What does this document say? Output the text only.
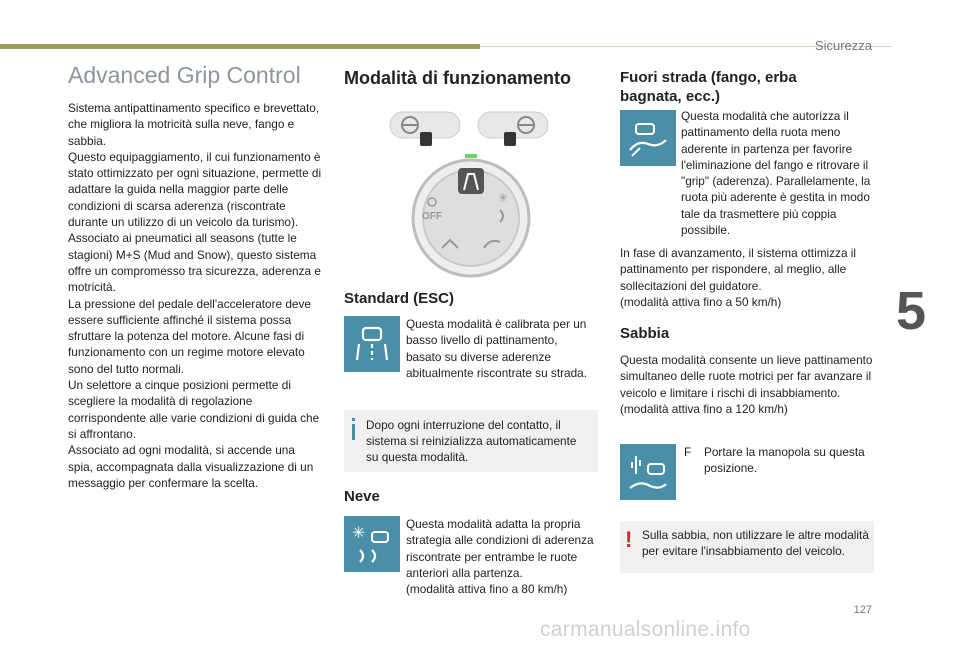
Sicurezza
5
127
carmanualsonline.info
Advanced Grip Control

Sistema antipattinamento specifico e brevettato, che migliora la motricità sulla neve, fango e sabbia.

Questo equipaggiamento, il cui funzionamento è stato ottimizzato per ogni situazione, permette di adattare la guida nella maggior parte delle condizioni di scarsa aderenza (riscontrate durante un utilizzo di un veicolo da turismo).

Associato ai pneumatici all seasons (tutte le stagioni) M+S (Mud and Snow), questo sistema offre un compromesso tra sicurezza, aderenza e motricità.

La pressione del pedale dell'acceleratore deve essere sufficiente affinché il sistema possa sfruttare la potenza del motore. Alcune fasi di funzionamento con un regime motore elevato sono del tutto normali.

Un selettore a cinque posizioni permette di scegliere la modalità di regolazione corrispondente alle varie condizioni di guida che si affrontano.

Associato ad ogni modalità, si accende una spia, accompagnata dalla visualizzazione di un messaggio per confermare la scelta.

Modalità di funzionamento
OFF
✳
Standard (ESC)

Questa modalità è calibrata per un basso livello di pattinamento, basato su diverse aderenze abitualmente riscontrate su strada.

Dopo ogni interruzione del contatto, il sistema si reinizializza automaticamente su questa modalità.

Neve
✳

Questa modalità adatta la propria strategia alle condizioni di aderenza riscontrate per entrambe le ruote anteriori alla partenza.

(modalità attiva fino a 80 km/h)

Fuori strada (fango, erba bagnata, ecc.)

Questa modalità che autorizza il pattinamento della ruota meno aderente in partenza per favorire l'eliminazione del fango e ritrovare il "grip" (aderenza). Parallelamente, la ruota più aderente è gestita in modo tale da trasmettere più coppia possibile.

In fase di avanzamento, il sistema ottimizza il pattinamento per rispondere, al meglio, alle sollecitazioni del guidatore.

(modalità attiva fino a 50 km/h)

Sabbia

Questa modalità consente un lieve pattinamento simultaneo delle ruote motrici per far avanzare il veicolo e limitare i rischi di insabbiamento.

(modalità attiva fino a 120 km/h)

F Portare la manopola su questa posizione.

! Sulla sabbia, non utilizzare le altre modalità per evitare l'insabbiamento del veicolo.
